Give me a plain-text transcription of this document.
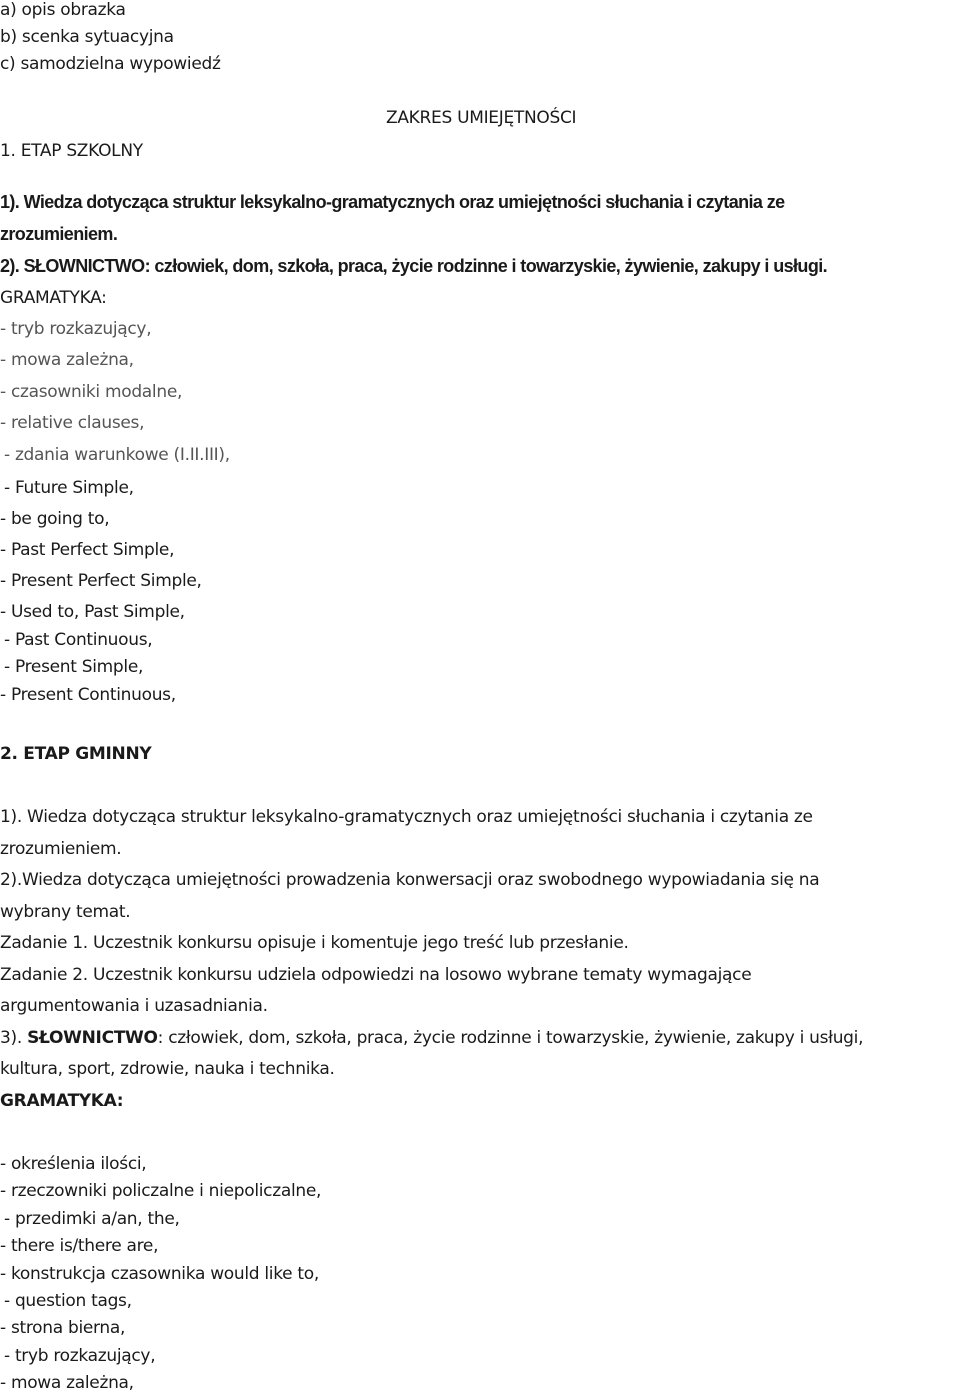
a) opis obrazka
b) scenka sytuacyjna
c) samodzielna wypowiedź
ZAKRES UMIEJĘTNOŚCI
1. ETAP SZKOLNY
1). Wiedza dotycząca struktur leksykalno-gramatycznych oraz umiejętności słuchania i czytania ze
zrozumieniem.
2). SŁOWNICTWO: człowiek, dom, szkoła, praca, życie rodzinne i towarzyskie, żywienie, zakupy i usługi.
GRAMATYKA:
- tryb rozkazujący,
- mowa zależna,
- czasowniki modalne,
- relative clauses,
- zdania warunkowe (I.II.III),
- Future Simple,
- be going to,
- Past Perfect Simple,
- Present Perfect Simple,
- Used to, Past Simple,
- Past Continuous,
- Present Simple,
- Present Continuous,
2. ETAP GMINNY
1). Wiedza dotycząca struktur leksykalno-gramatycznych oraz umiejętności słuchania i czytania ze
zrozumieniem.
2).Wiedza dotycząca umiejętności prowadzenia konwersacji oraz swobodnego wypowiadania się na
wybrany temat.
Zadanie 1. Uczestnik konkursu opisuje i komentuje jego treść lub przesłanie.
Zadanie 2. Uczestnik konkursu udziela odpowiedzi na losowo wybrane tematy wymagające
argumentowania i uzasadniania.
3). SŁOWNICTWO: człowiek, dom, szkoła, praca, życie rodzinne i towarzyskie, żywienie, zakupy i usługi,
kultura, sport, zdrowie, nauka i technika.
GRAMATYKA:
- określenia ilości,
- rzeczowniki policzalne i niepoliczalne,
- przedimki a/an, the,
- there is/there are,
- konstrukcja czasownika would like to,
- question tags,
- strona bierna,
- tryb rozkazujący,
- mowa zależna,
